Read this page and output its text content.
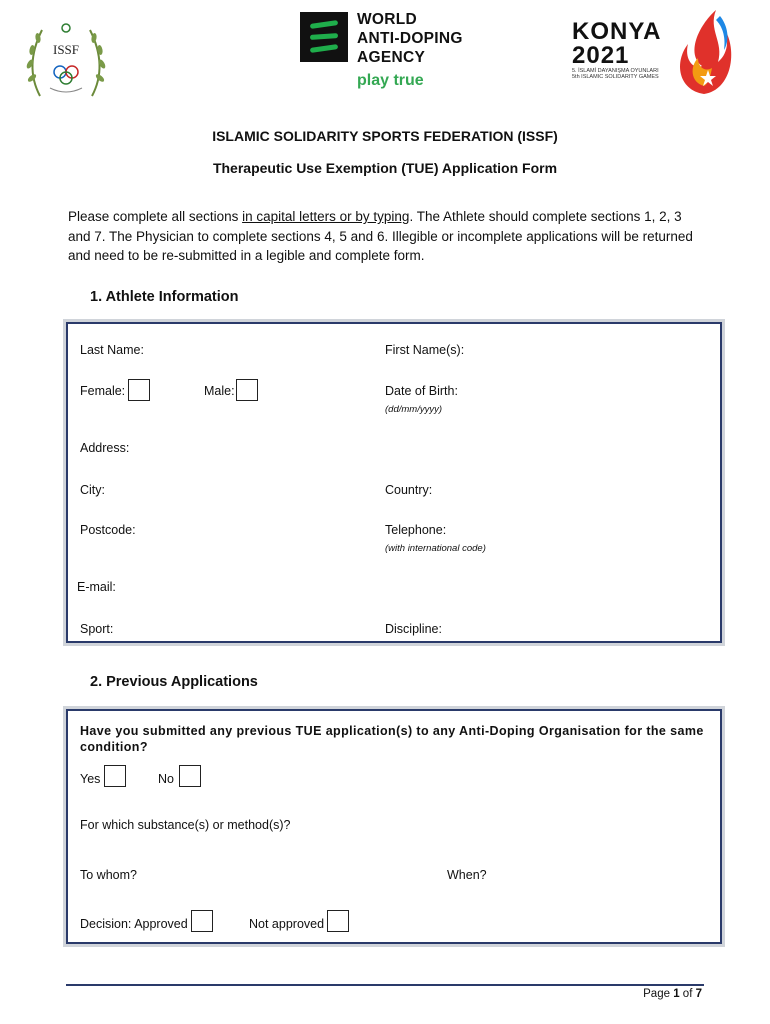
ISSF
WORLD
ANTI-DOPING
AGENCY
play true
KONYA
2021
5. İSLAMİ DAYANIŞMA OYUNLARI
5th ISLAMIC SOLIDARITY GAMES
ISLAMIC SOLIDARITY SPORTS FEDERATION (ISSF)
Therapeutic Use Exemption (TUE) Application Form
Please complete all sections in capital letters or by typing. The Athlete should complete sections 1, 2, 3 and 7. The Physician to complete sections 4, 5 and 6. Illegible or incomplete applications will be returned and need to be re-submitted in a legible and complete form.
1. Athlete Information
Last Name:	First Name(s):
Female:	Male:	Date of Birth:
(dd/mm/yyyy)
Address:
City:	Country:
Postcode:	Telephone:
(with international code)
E-mail:
Sport:	Discipline:
2. Previous Applications
Have you submitted any previous TUE application(s) to any Anti-Doping Organisation for the same condition?
Yes	No
For which substance(s) or method(s)?
To whom?	When?
Decision: Approved	Not approved
Page 1 of 7
